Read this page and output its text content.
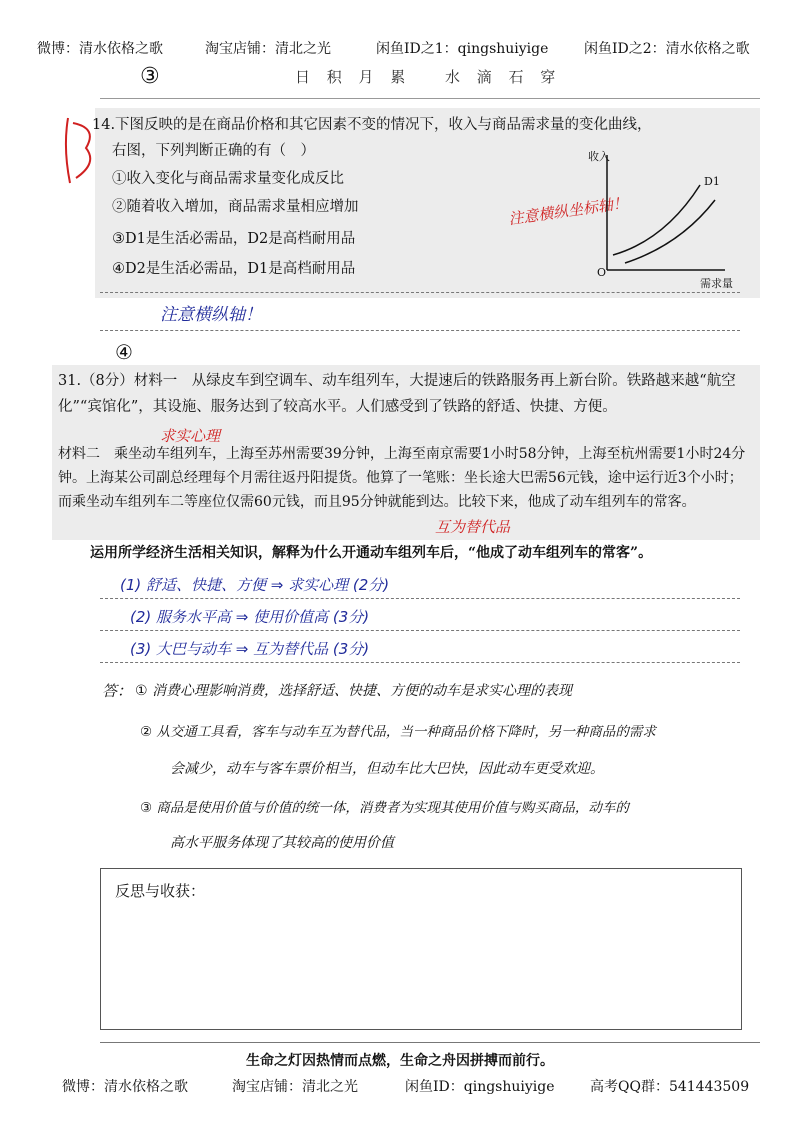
微博：清水依格之歌	淘宝店铺：清北之光	闲鱼ID之1：qingshuiyige	闲鱼ID之2：清水依格之歌
日 积 月 累 水 滴 石 穿
③
14.下图反映的是在商品价格和其它因素不变的情况下，收入与商品需求量的变化曲线，
右图，下列判断正确的有（　）
①收入变化与商品需求量变化成反比
②随着收入增加，商品需求量相应增加
③D1是生活必需品，D2是高档耐用品
④D2是生活必需品，D1是高档耐用品
注意横纵坐标轴！
收入
需求量
O
D1
注意横纵轴！
④
31.（8分）材料一　从绿皮车到空调车、动车组列车，大提速后的铁路服务再上新台阶。铁路越来越“航空化”“宾馆化”，其设施、服务达到了较高水平。人们感受到了铁路的舒适、快捷、方便。
求实心理
材料二　乘坐动车组列车，上海至苏州需要39分钟，上海至南京需要1小时58分钟，上海至杭州需要1小时24分钟。上海某公司副总经理每个月需往返丹阳提货。他算了一笔账：坐长途大巴需56元钱，途中运行近3个小时；而乘坐动车组列车二等座位仅需60元钱，而且95分钟就能到达。比较下来，他成了动车组列车的常客。
互为替代品
运用所学经济生活相关知识，解释为什么开通动车组列车后，“他成了动车组列车的常客”。
(1) 舒适、快捷、方便 ⇒ 求实心理 (2分)
(2) 服务水平高 ⇒ 使用价值高 (3分)
(3) 大巴与动车 ⇒ 互为替代品 (3分)
答： ① 消费心理影响消费，选择舒适、快捷、方便的动车是求实心理的表现
② 从交通工具看，客车与动车互为替代品，当一种商品价格下降时，另一种商品的需求
会减少，动车与客车票价相当，但动车比大巴快，因此动车更受欢迎。
③ 商品是使用价值与价值的统一体，消费者为实现其使用价值与购买商品，动车的
高水平服务体现了其较高的使用价值
反思与收获：
生命之灯因热情而点燃，生命之舟因拼搏而前行。
微博：清水依格之歌	淘宝店铺：清北之光	闲鱼ID：qingshuiyige	高考QQ群：541443509
